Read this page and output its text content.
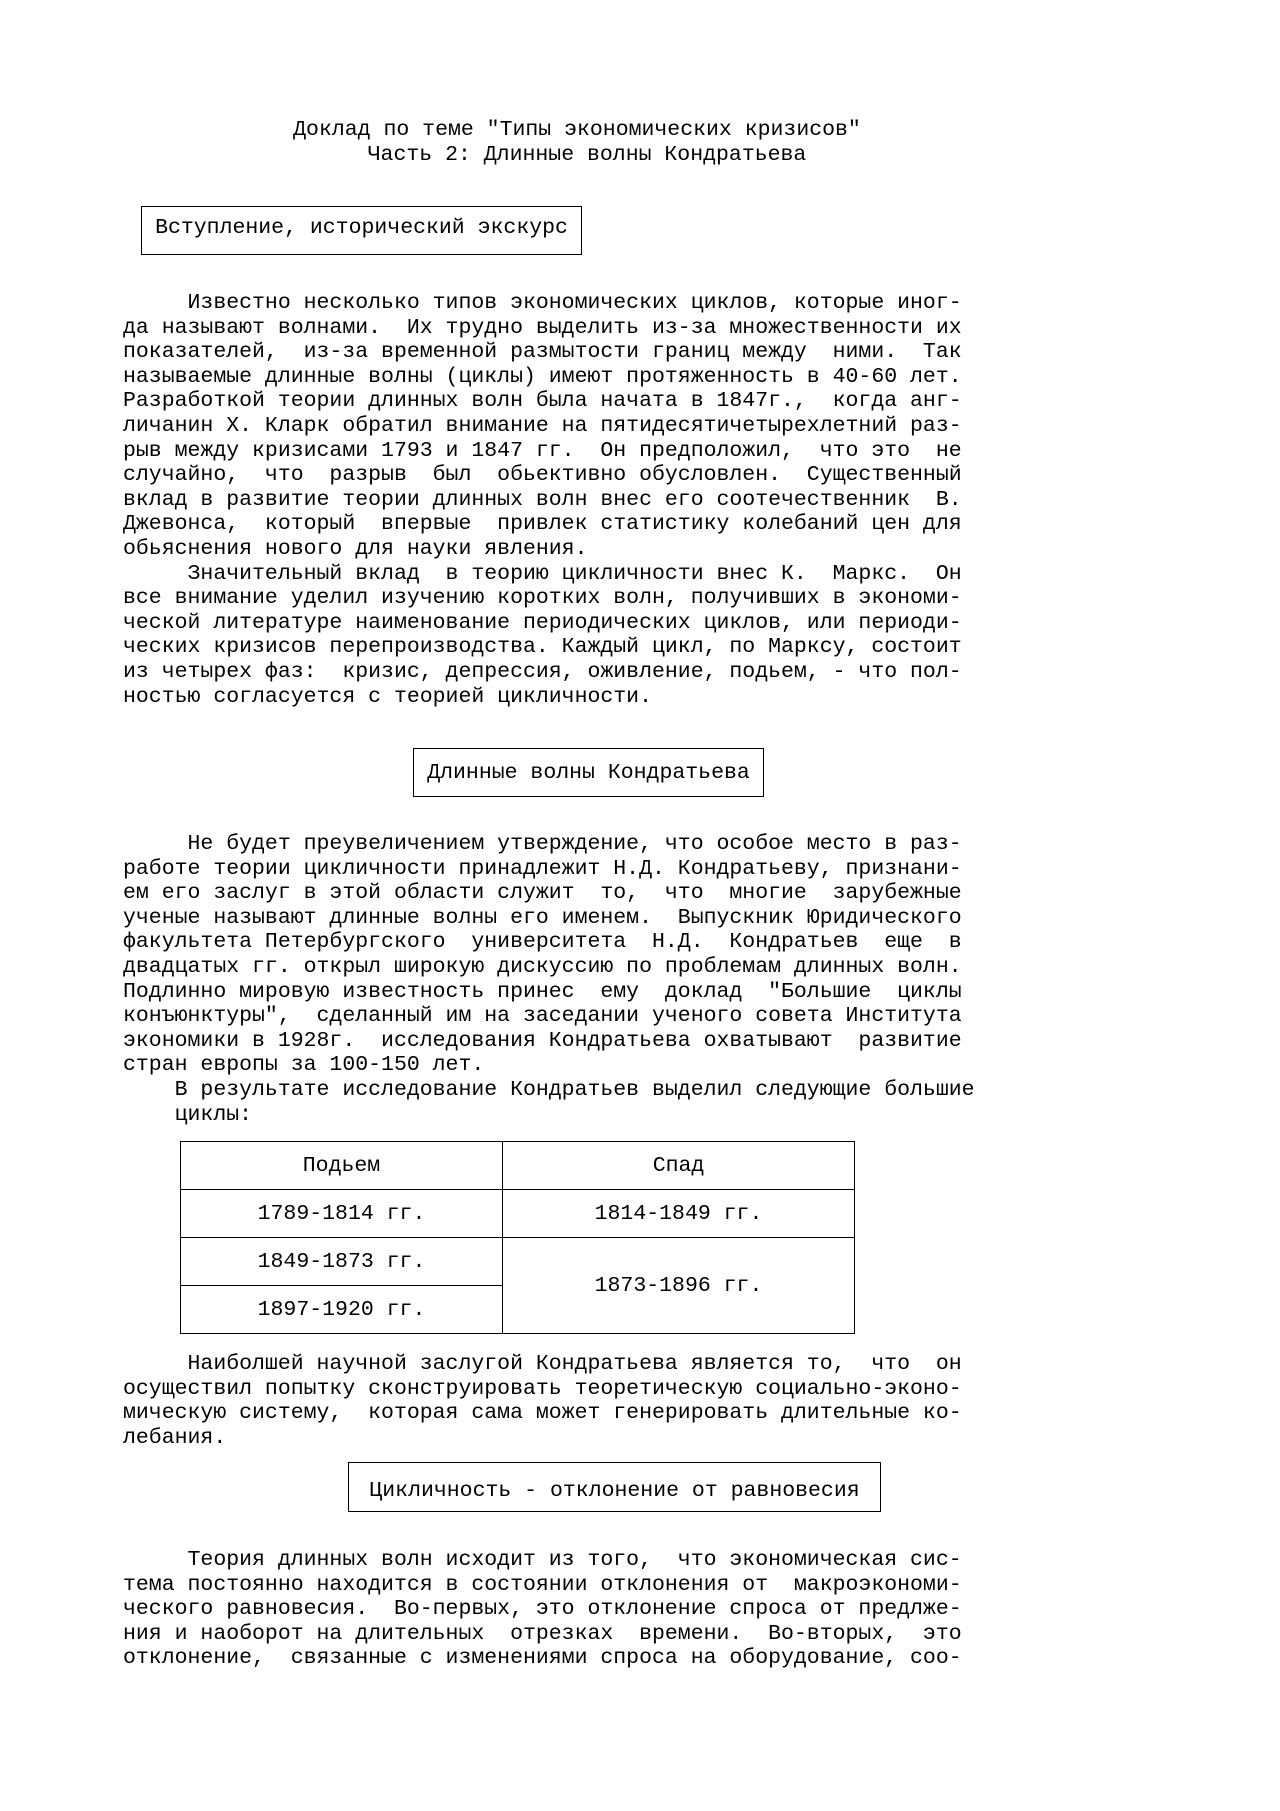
Доклад по теме "Типы экономических кризисов"
Часть 2: Длинные волны Кондратьева
Вступление, исторический экскурс
Известно несколько типов экономических циклов, которые иног-
да называют волнами.  Их трудно выделить из-за множественности их
показателей,  из-за временной размытости границ между  ними.  Так
называемые длинные волны (циклы) имеют протяженность в 40-60 лет.
Разработкой теории длинных волн была начата в 1847г.,  когда анг-
личанин Х. Кларк обратил внимание на пятидесятичетырехлетний раз-
рыв между кризисами 1793 и 1847 гг.  Он предположил,  что это  не
случайно,  что  разрыв  был  обьективно обусловлен.  Существенный
вклад в развитие теории длинных волн внес его соотечественник  В.
Джевонса,  который  впервые  привлек статистику колебаний цен для
обьяснения нового для науки явления.
Значительный вклад  в теорию цикличности внес К.  Маркс.  Он
все внимание уделил изучению коротких волн, получивших в экономи-
ческой литературе наименование периодических циклов, или периоди-
ческих кризисов перепроизводства. Каждый цикл, по Марксу, состоит
из четырех фаз:  кризис, депрессия, оживление, подьем, - что пол-
ностью согласуется с теорией цикличности.
Длинные волны Кондратьева
Не будет преувеличением утверждение, что особое место в раз-
работе теории цикличности принадлежит Н.Д. Кондратьеву, признани-
ем его заслуг в этой области служит  то,  что  многие  зарубежные
ученые называют длинные волны его именем.  Выпускник Юридического
факультета Петербургского  университета  Н.Д.  Кондратьев  еще  в
двадцатых гг. открыл широкую дискуссию по проблемам длинных волн.
Подлинно мировую известность принес  ему  доклад  "Большие  циклы
конъюнктуры",  сделанный им на заседании ученого совета Института
экономики в 1928г.  исследования Кондратьева охватывают  развитие
стран европы за 100-150 лет.
В результате исследование Кондратьев выделил следующие большие
циклы:
Подьем	Спад
1789-1814 гг.	1814-1849 гг.
1849-1873 гг.	1873-1896 гг.
1897-1920 гг.	
Наиболшей научной заслугой Кондратьева является то,  что  он
осуществил попытку сконструировать теоретическую социально-эконо-
мическую систему,  которая сама может генерировать длительные ко-
лебания.
Цикличность - отклонение от равновесия
Теория длинных волн исходит из того,  что экономическая сис-
тема постоянно находится в состоянии отклонения от  макроэкономи-
ческого равновесия.  Во-первых, это отклонение спроса от предлже-
ния и наоборот на длительных  отрезках  времени.  Во-вторых,  это
отклонение,  связанные с изменениями спроса на оборудование, соо-
